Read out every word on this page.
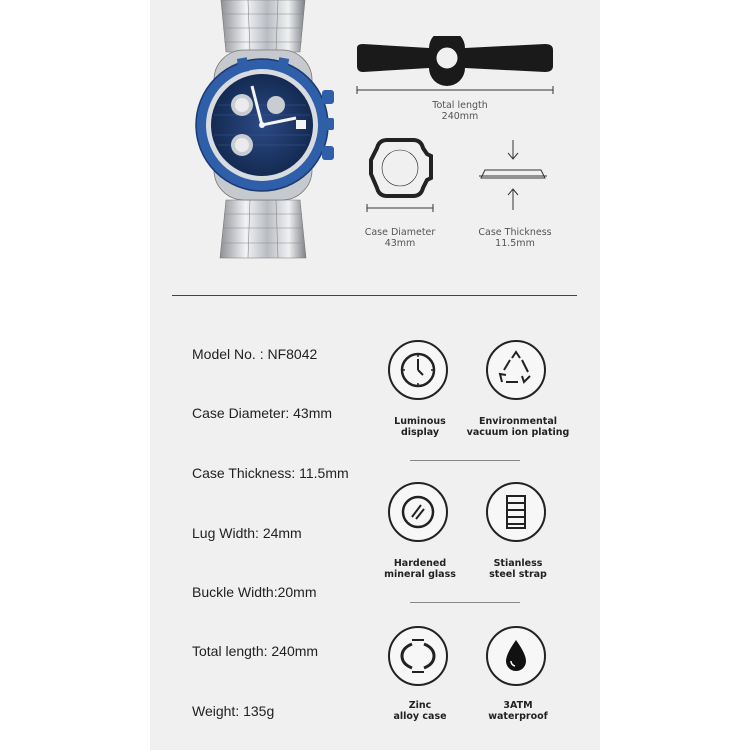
Total length
240mm
Case Diameter
43mm
Case Thickness
11.5mm
Model No. : NF8042
Case Diameter: 43mm
Case Thickness: 11.5mm
Lug Width: 24mm
Buckle Width:20mm
Total length: 240mm
Weight: 135g
Luminous
display
Environmental
vacuum ion plating
Hardened
mineral glass
Stianless
steel strap
Zinc
alloy case
3ATM
waterproof
